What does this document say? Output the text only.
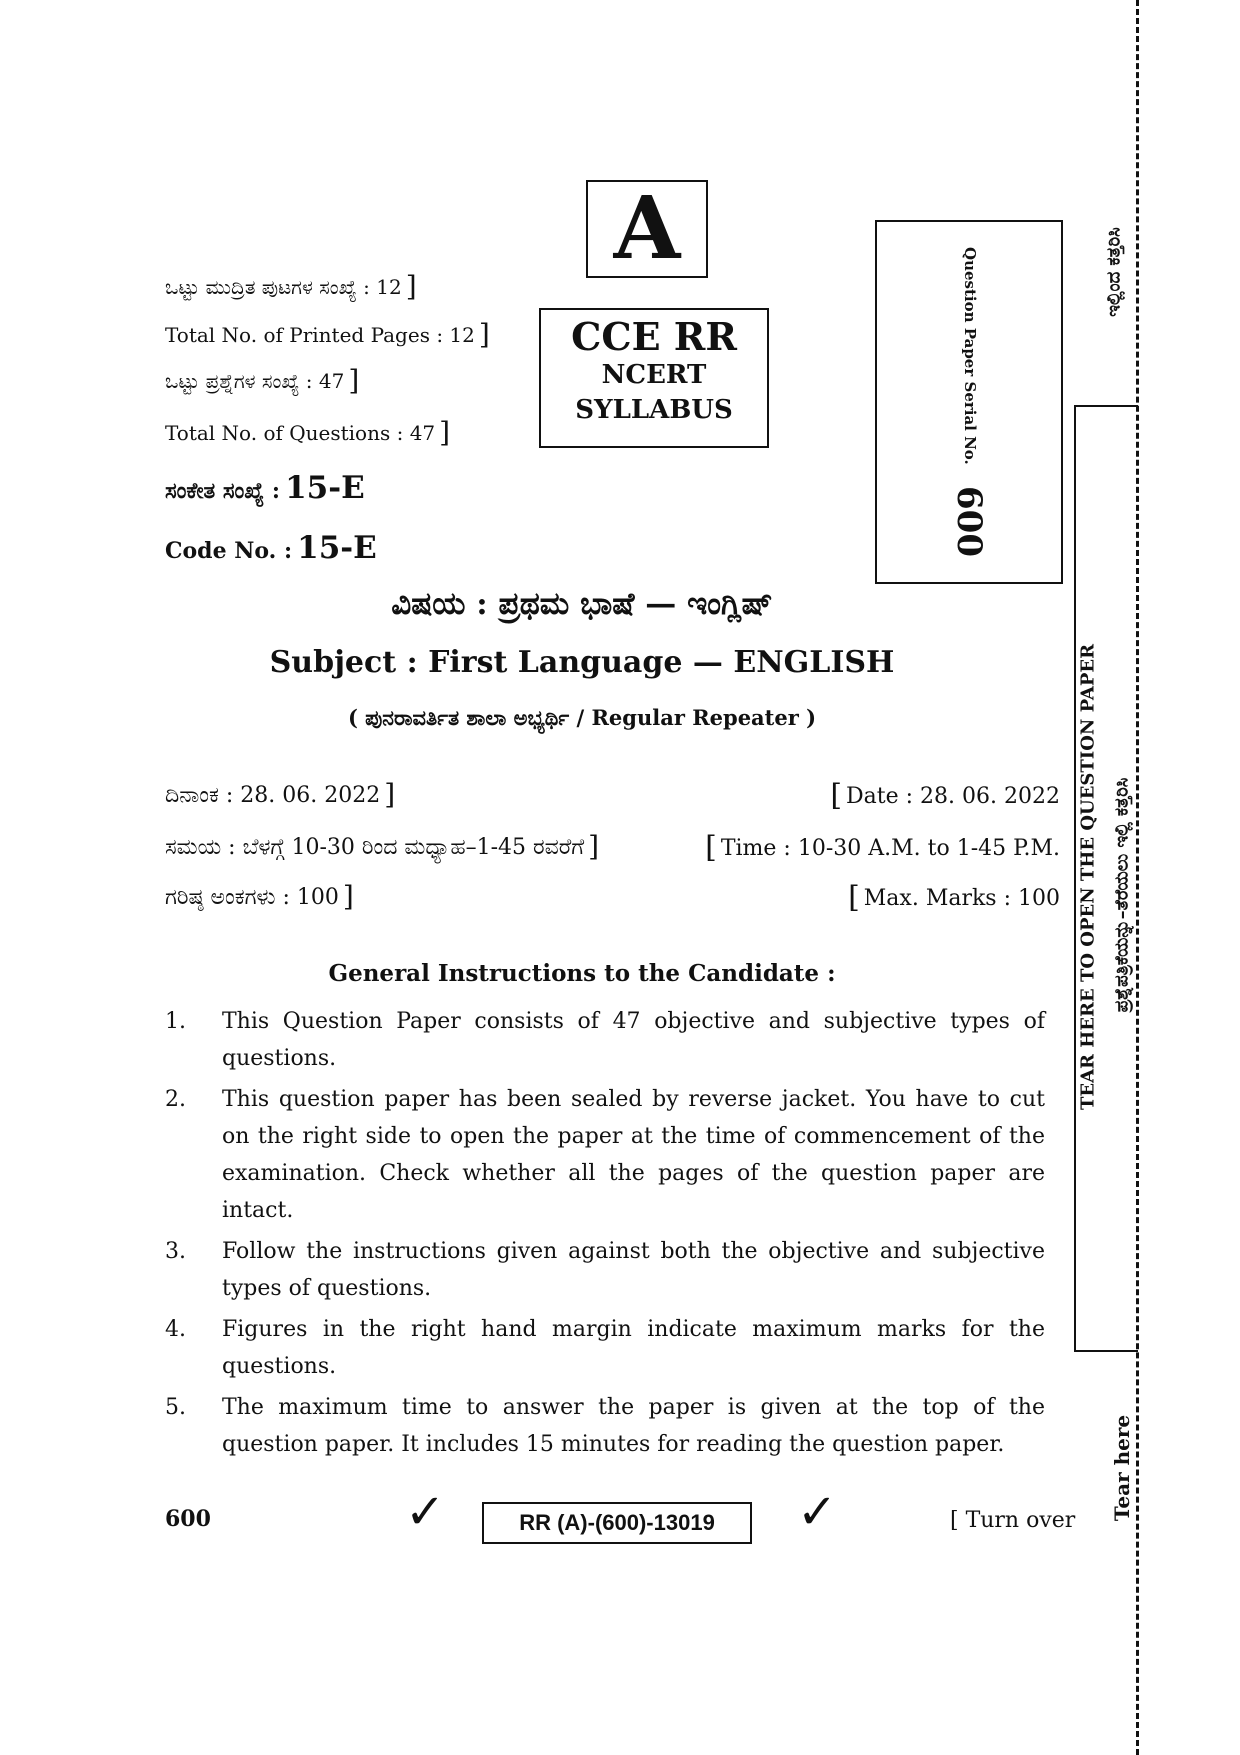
A
CCE RR
NCERT
SYLLABUS
ಒಟ್ಟು ಮುದ್ರಿತ ಪುಟಗಳ ಸಂಖ್ಯೆ : 12 ]
Total No. of Printed Pages : 12 ]
ಒಟ್ಟು ಪ್ರಶ್ನೆಗಳ ಸಂಖ್ಯೆ : 47 ]
Total No. of Questions : 47 ]
ಸಂಕೇತ ಸಂಖ್ಯೆ : 15-E
Code No. : 15-E
Question Paper Serial No. 600
ವಿಷಯ : ಪ್ರಥಮ ಭಾಷೆ — ಇಂಗ್ಲಿಷ್
Subject : First Language — ENGLISH
( ಪುನರಾವರ್ತಿತ ಶಾಲಾ ಅಭ್ಯರ್ಥಿ / Regular Repeater )
ದಿನಾಂಕ : 28. 06. 2022 ]	[ Date : 28. 06. 2022
ಸಮಯ : ಬೆಳಗ್ಗೆ 10-30 ರಿಂದ ಮಧ್ಯಾಹ–1-45 ರವರೆಗೆ ]	[ Time : 10-30 A.M. to 1-45 P.M.
ಗರಿಷ್ಠ ಅಂಕಗಳು : 100 ]	[ Max. Marks : 100
General Instructions to the Candidate :
1.	This Question Paper consists of 47 objective and subjective types of questions.
2.	This question paper has been sealed by reverse jacket. You have to cut on the right side to open the paper at the time of commencement of the examination. Check whether all the pages of the question paper are intact.
3.	Follow the instructions given against both the objective and subjective types of questions.
4.	Figures in the right hand margin indicate maximum marks for the questions.
5.	The maximum time to answer the paper is given at the top of the question paper. It includes 15 minutes for reading the question paper.
600	✓	RR (A)-(600)-13019	✓	[ Turn over
ಇಲ್ಲಿಂದ ಕತ್ತರಿಸಿ
TEAR HERE TO OPEN THE QUESTION PAPER ಪ್ರಶ್ನೆಪತ್ರಿಕೆಯನ್ನು–ತೆರೆಯಲು ಇಲ್ಲಿ ಕತ್ತರಿಸಿ
Tear here
